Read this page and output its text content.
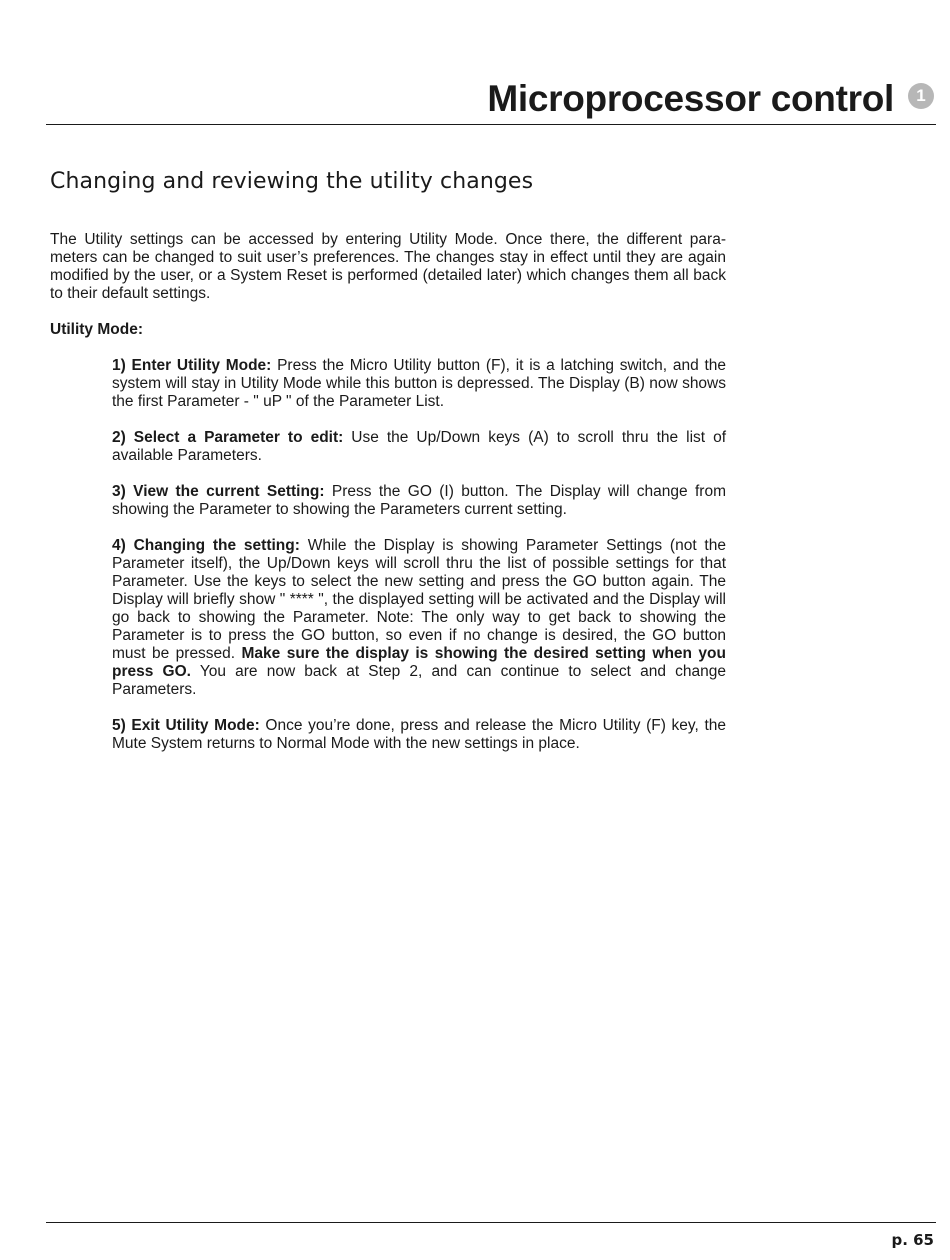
Microprocessor control	1
Changing and reviewing the utility changes

The Utility settings can be accessed by entering Utility Mode. Once there, the different para-meters can be changed to suit user’s preferences. The changes stay in effect until they are again modified by the user, or a System Reset is performed (detailed later) which changes them all back to their default settings.

Utility Mode:

1) Enter Utility Mode: Press the Micro Utility button (F), it is a latching switch, and the system will stay in Utility Mode while this button is depressed. The Display (B) now shows the first Parameter - " uP " of the Parameter List.

2) Select a Parameter to edit: Use the Up/Down keys (A) to scroll thru the list of available Parameters.

3) View the current Setting: Press the GO (I) button. The Display will change from showing the Parameter to showing the Parameters current setting.

4) Changing the setting: While the Display is showing Parameter Settings (not the Parameter itself), the Up/Down keys will scroll thru the list of possible settings for that Parameter. Use the keys to select the new setting and press the GO button again. The Display will briefly show " **** ", the displayed setting will be activated and the Display will go back to showing the Parameter. Note: The only way to get back to showing the Parameter is to press the GO button, so even if no change is desired, the GO button must be pressed. Make sure the display is showing the desired setting when you press GO. You are now back at Step 2, and can continue to select and change Parameters.

5) Exit Utility Mode: Once you’re done, press and release the Micro Utility (F) key, the Mute System returns to Normal Mode with the new settings in place.

p. 65
